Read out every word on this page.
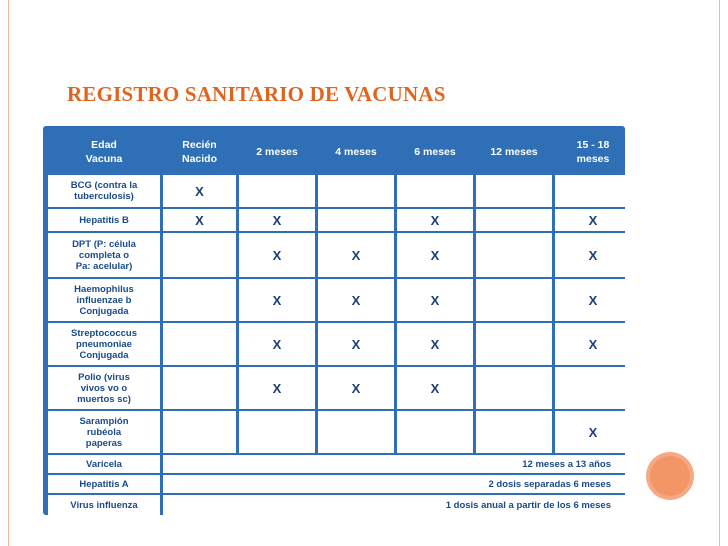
REGISTRO SANITARIO DE VACUNAS
Edad
Vacuna	Recién
Nacido	2 meses	4 meses	6 meses	12 meses	15 - 18
meses
BCG (contra la
tuberculosis)	X					
Hepatitis B	X	X		X		X
DPT (P: célula
completa o
Pa: acelular)		X	X	X		X
Haemophilus
influenzae b
Conjugada		X	X	X		X
Streptococcus
pneumoniae
Conjugada		X	X	X		X
Polio (virus
vivos vo o
muertos sc)		X	X	X		
Sarampión
rubéola
paperas						X
Varicela	12 meses a 13 años					
Hepatitis A	2 dosis separadas 6 meses					
Virus influenza	1 dosis anual a partir de los 6 meses					
